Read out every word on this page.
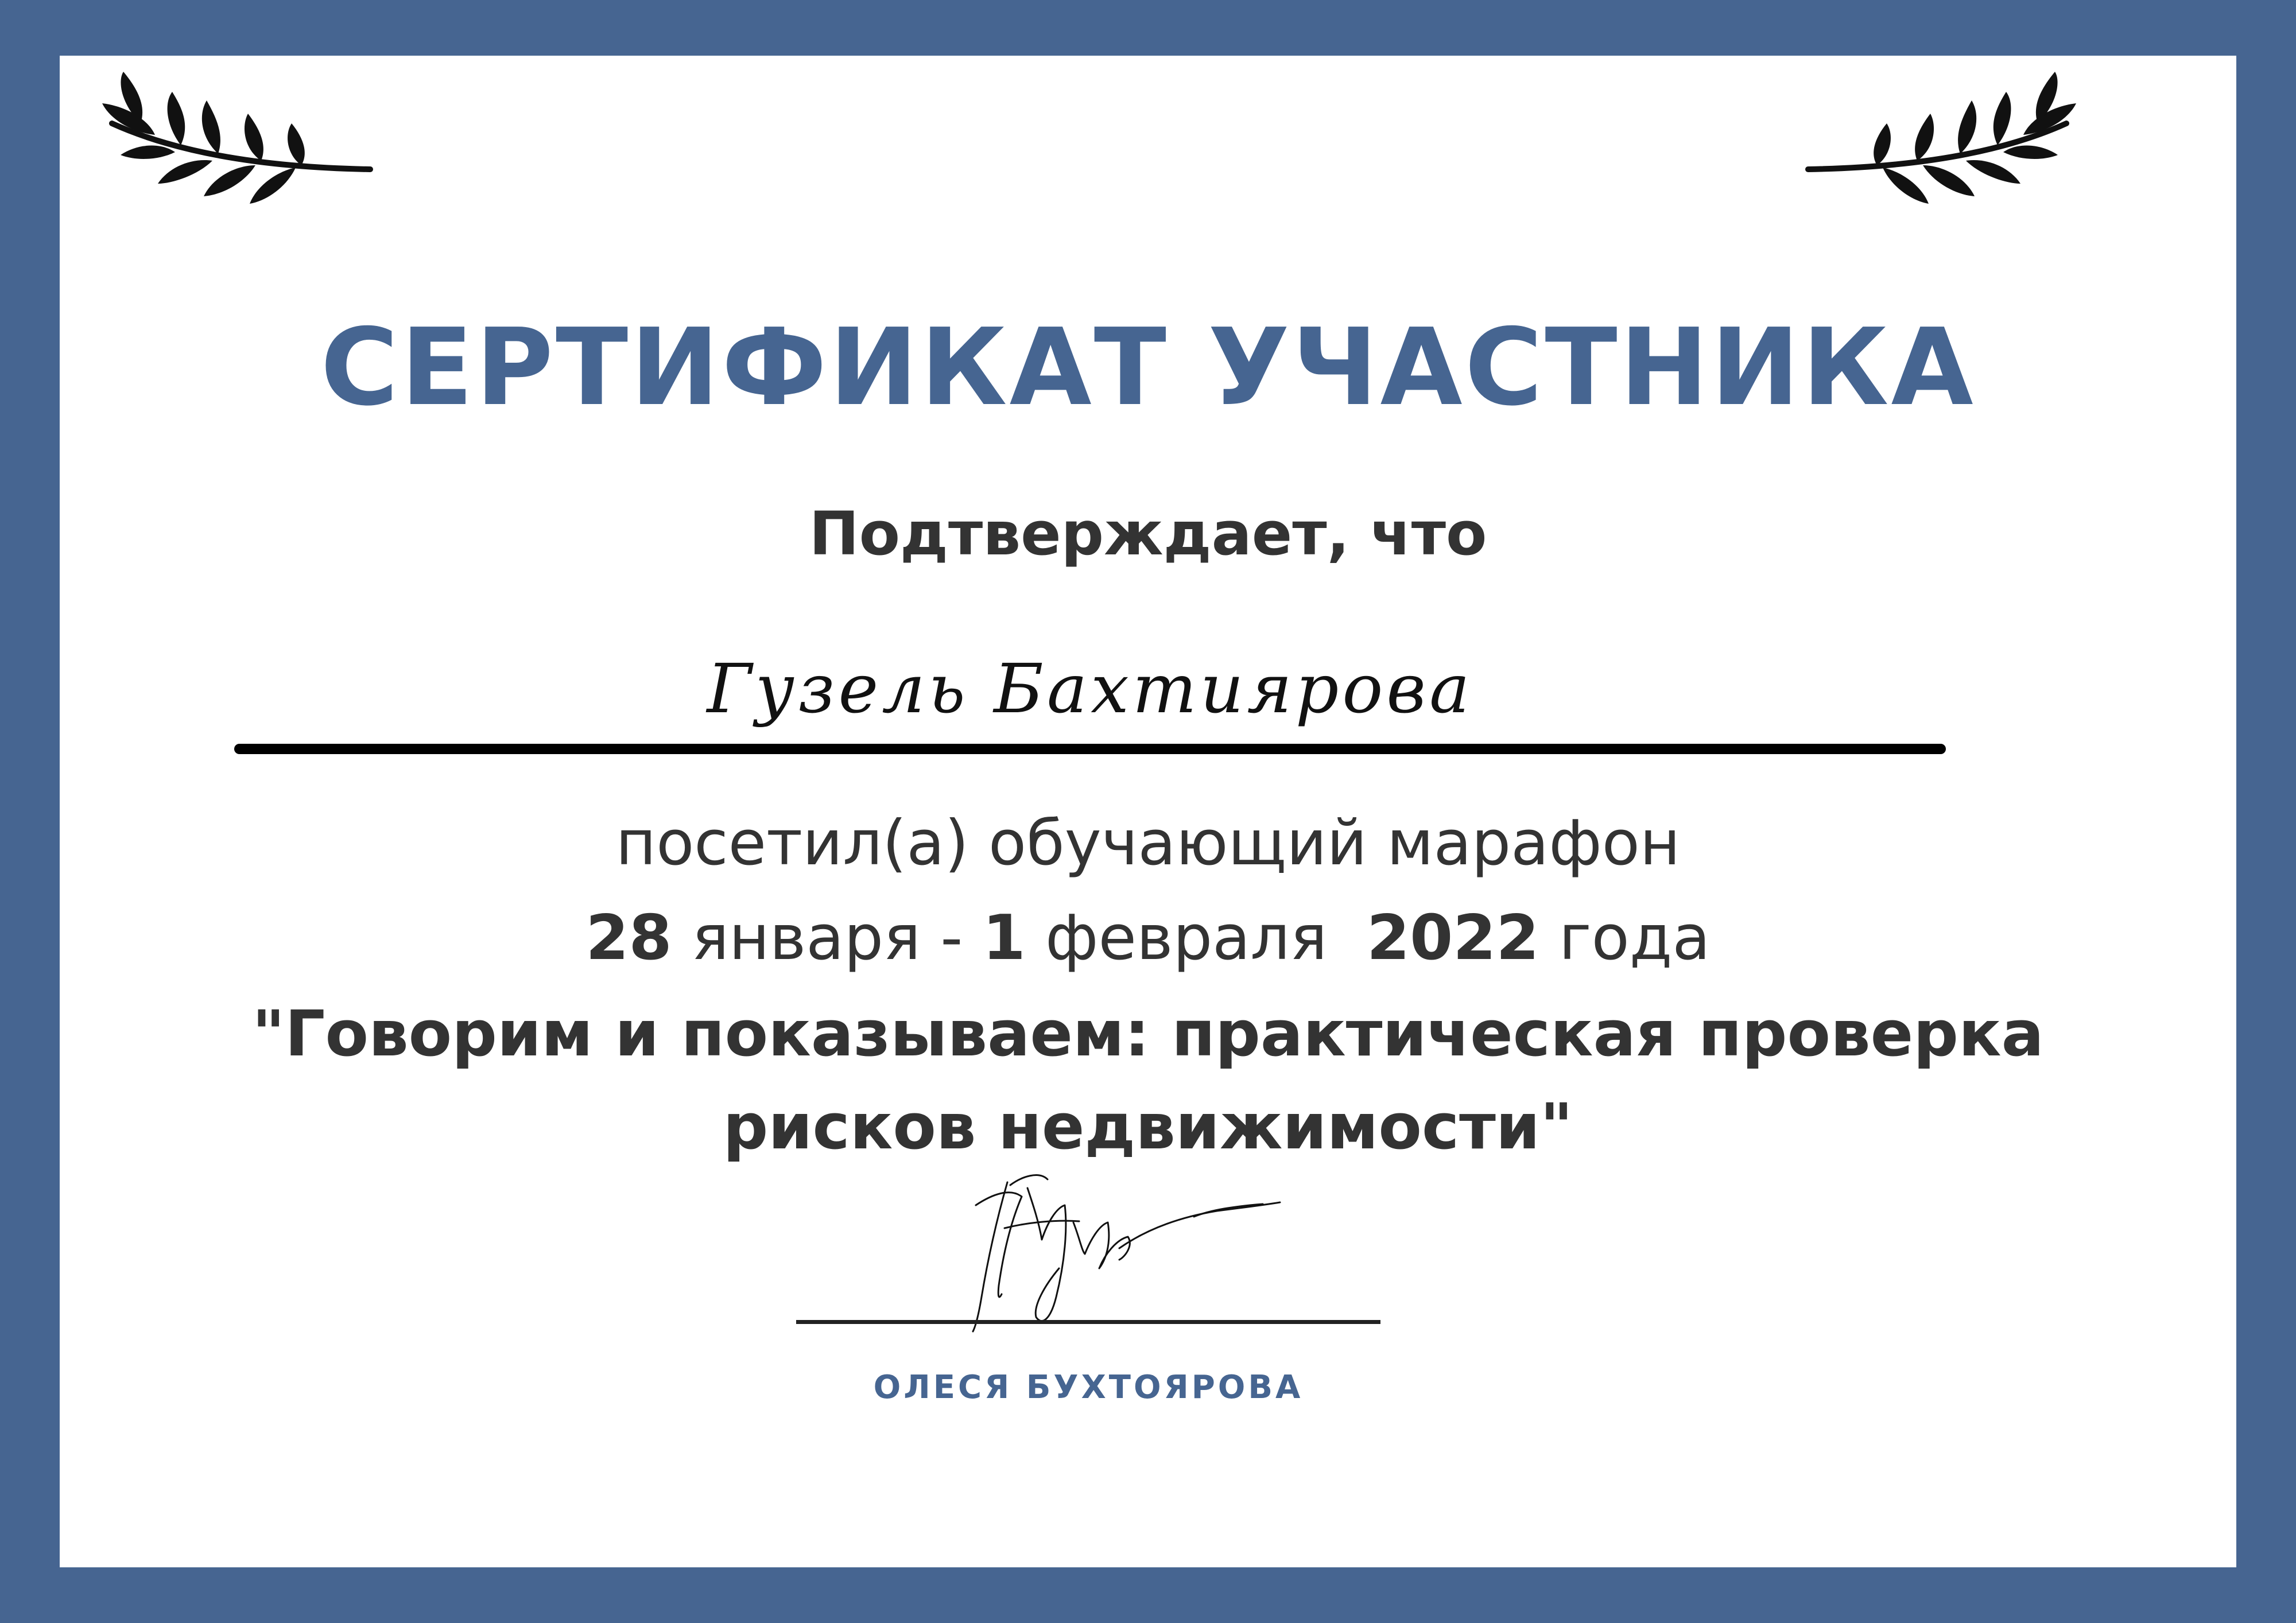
СЕРТИФИКАТ УЧАСТНИКА
Подтверждает, что
Гузель Бахтиярова
посетил(а) обучающий марафон
28 января - 1 февраля 2022 года
"Говорим и показываем: практическая проверка
рисков недвижимости"
ОЛЕСЯ БУХТОЯРОВА
